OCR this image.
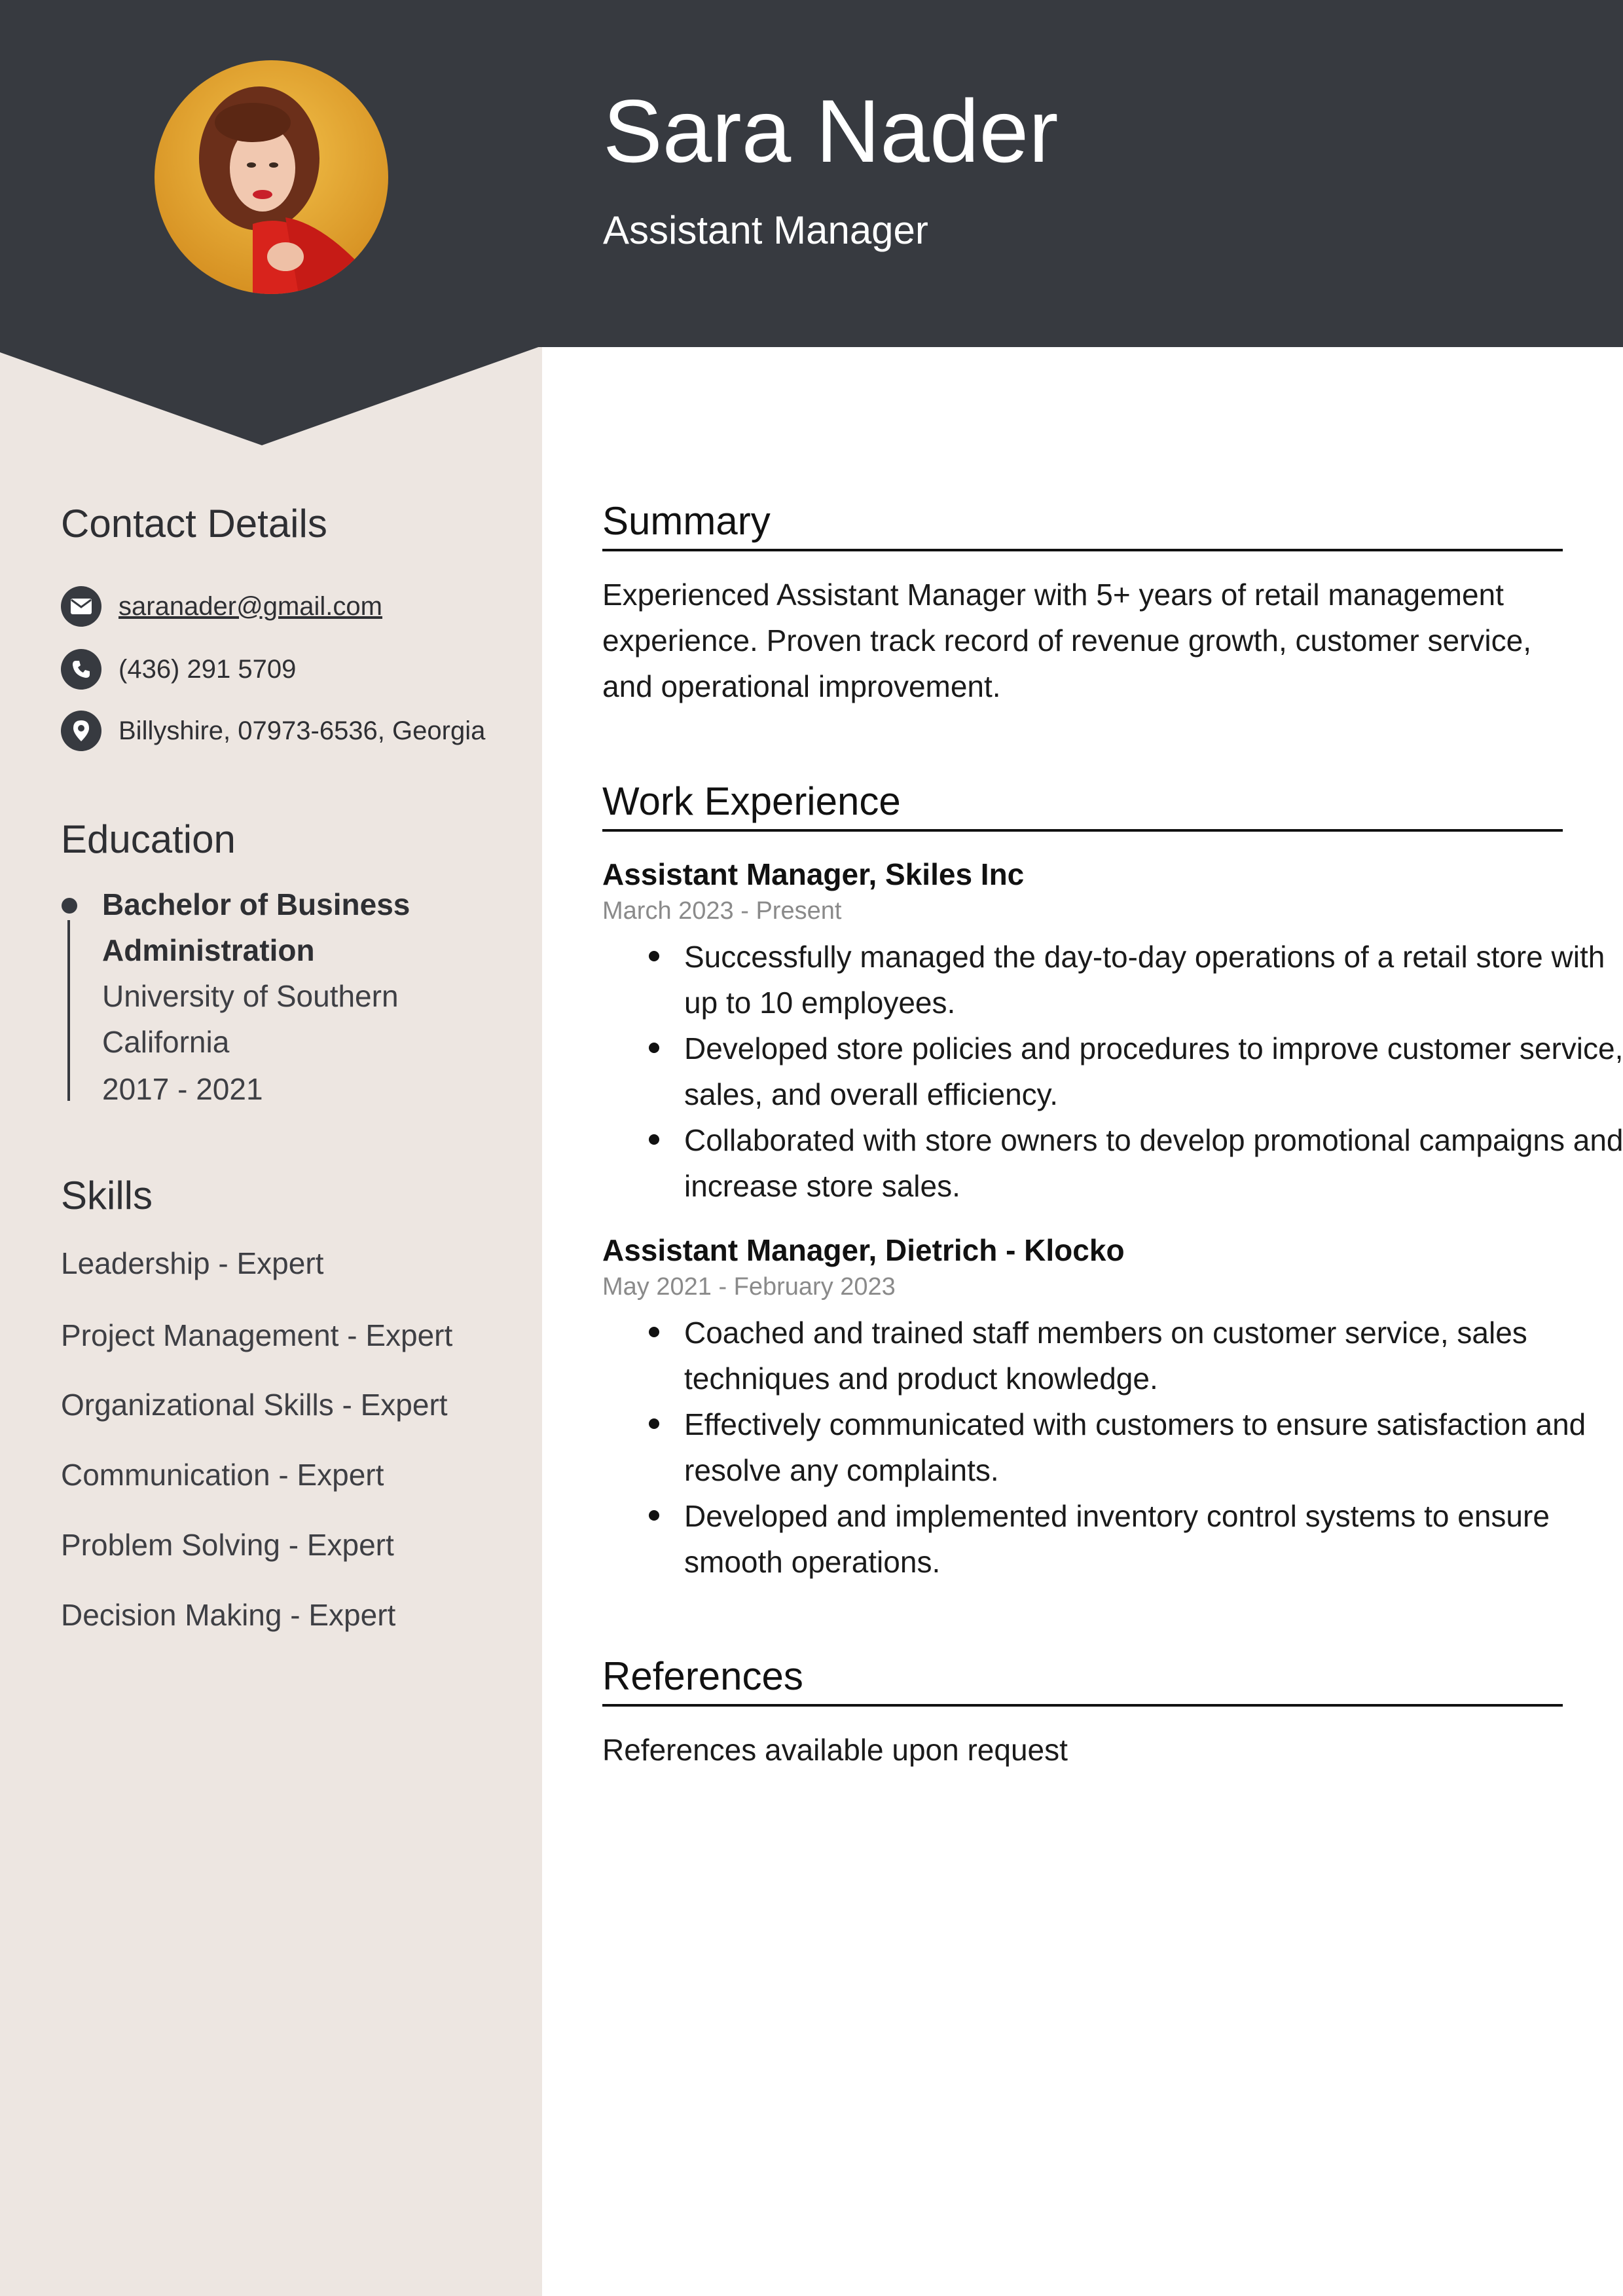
Sara Nader
Assistant Manager
Contact Details
saranader@gmail.com
(436) 291 5709
Billyshire, 07973-6536, Georgia
Education
Bachelor of Business Administration
University of Southern California
2017 - 2021
Skills
Leadership - Expert
Project Management - Expert
Organizational Skills - Expert
Communication - Expert
Problem Solving - Expert
Decision Making - Expert
Summary
Experienced Assistant Manager with 5+ years of retail management experience. Proven track record of revenue growth, customer service, and operational improvement.
Work Experience
Assistant Manager, Skiles Inc
March 2023 - Present
Successfully managed the day-to-day operations of a retail store with up to 10 employees.
Developed store policies and procedures to improve customer service, sales, and overall efficiency.
Collaborated with store owners to develop promotional campaigns and increase store sales.
Assistant Manager, Dietrich - Klocko
May 2021 - February 2023
Coached and trained staff members on customer service, sales techniques and product knowledge.
Effectively communicated with customers to ensure satisfaction and resolve any complaints.
Developed and implemented inventory control systems to ensure smooth operations.
References
References available upon request
